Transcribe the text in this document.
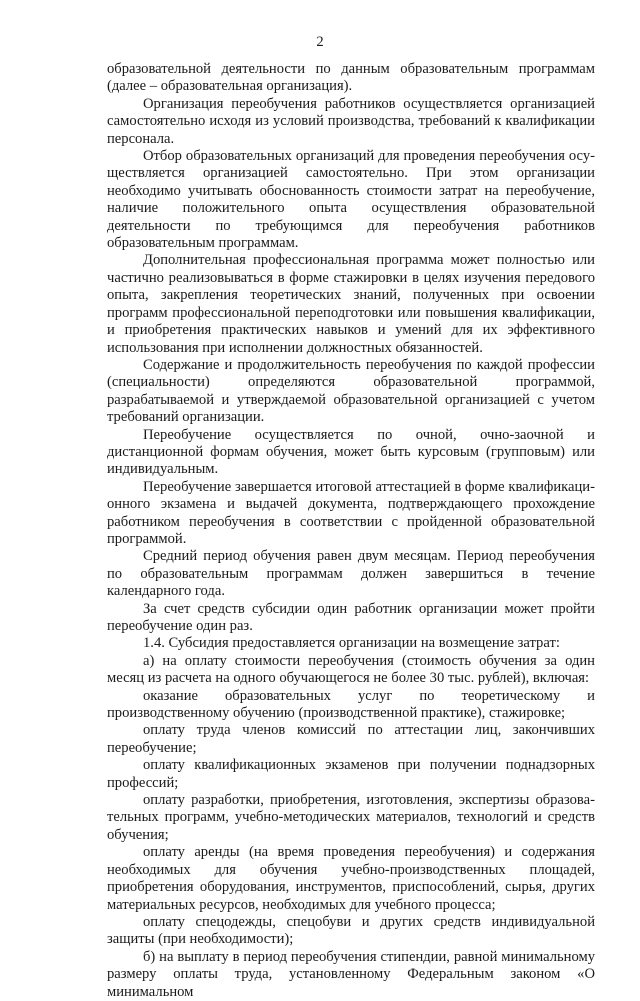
2

образовательной деятельности по данным образовательным программам (далее – образовательная организация).

Организация переобучения работников осуществляется организацией самостоятельно исходя из условий производства, требований к квалификации персонала.

Отбор образовательных организаций для проведения переобучения осуществляется организацией самостоятельно. При этом организации необходимо учитывать обоснованность стоимости затрат на переобучение, наличие положительного опыта осуществления образовательной деятельности по требующимся для переобучения работников образовательным программам.

Дополнительная профессиональная программа может полностью или частично реализовываться в форме стажировки в целях изучения передового опыта, закрепления теоретических знаний, полученных при освоении программ профессиональной переподготовки или повышения квалификации, и приобретения практических навыков и умений для их эффективного использования при исполнении должностных обязанностей.

Содержание и продолжительность переобучения по каждой профессии (специальности) определяются образовательной программой, разрабатываемой и утверждаемой образовательной организацией с учетом требований организации.

Переобучение осуществляется по очной, очно-заочной и дистанционной формам обучения, может быть курсовым (групповым) или индивидуальным.

Переобучение завершается итоговой аттестацией в форме квалификационного экзамена и выдачей документа, подтверждающего прохождение работником переобучения в соответствии с пройденной образовательной программой.

Средний период обучения равен двум месяцам. Период переобучения по образовательным программам должен завершиться в течение календарного года.

За счет средств субсидии один работник организации может пройти переобучение один раз.

1.4. Субсидия предоставляется организации на возмещение затрат:

а) на оплату стоимости переобучения (стоимость обучения за один месяц из расчета на одного обучающегося не более 30 тыс. рублей), включая:

оказание образовательных услуг по теоретическому и производственному обучению (производственной практике), стажировке;

оплату труда членов комиссий по аттестации лиц, закончивших переобучение;

оплату квалификационных экзаменов при получении поднадзорных профессий;

оплату разработки, приобретения, изготовления, экспертизы образовательных программ, учебно-методических материалов, технологий и средств обучения;

оплату аренды (на время проведения переобучения) и содержания необходимых для обучения учебно-производственных площадей, приобретения оборудования, инструментов, приспособлений, сырья, других материальных ресурсов, необходимых для учебного процесса;

оплату спецодежды, спецобуви и других средств индивидуальной защиты (при необходимости);

б) на выплату в период переобучения стипендии, равной минимальному размеру оплаты труда, установленному Федеральным законом «О минимальном
